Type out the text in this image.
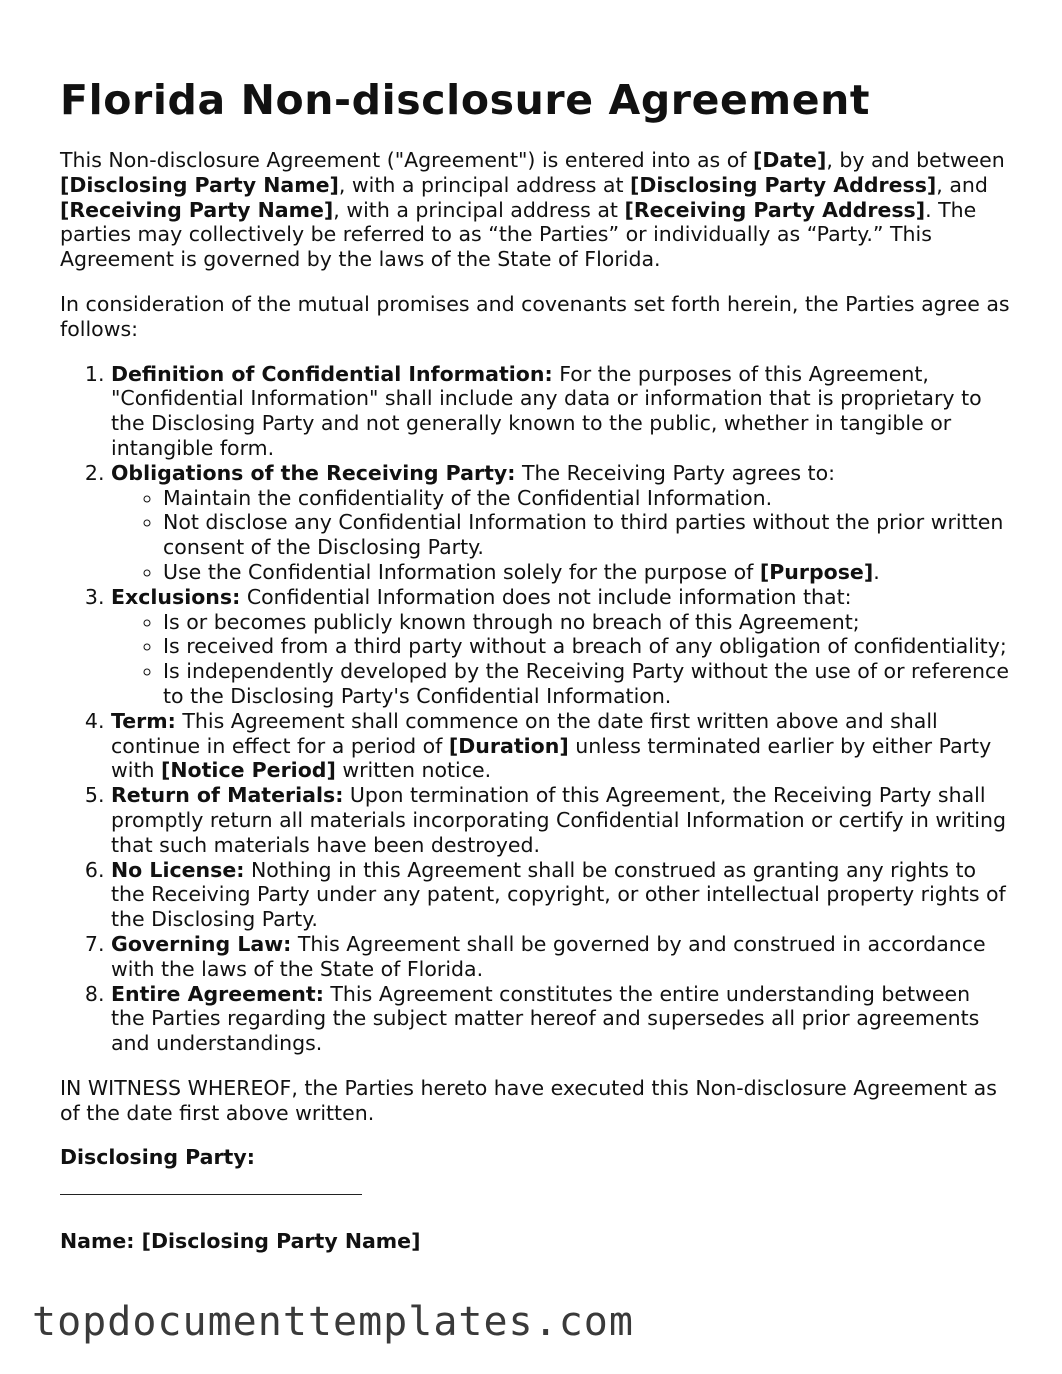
Florida Non-disclosure Agreement

This Non-disclosure Agreement ("Agreement") is entered into as of [Date], by and between [Disclosing Party Name], with a principal address at [Disclosing Party Address], and [Receiving Party Name], with a principal address at [Receiving Party Address]. The parties may collectively be referred to as “the Parties” or individually as “Party.” This Agreement is governed by the laws of the State of Florida.

In consideration of the mutual promises and covenants set forth herein, the Parties agree as follows:

1. Definition of Confidential Information: For the purposes of this Agreement, "Confidential Information" shall include any data or information that is proprietary to the Disclosing Party and not generally known to the public, whether in tangible or intangible form.
2. Obligations of the Receiving Party: The Receiving Party agrees to:
◦ Maintain the confidentiality of the Confidential Information.
◦ Not disclose any Confidential Information to third parties without the prior written consent of the Disclosing Party.
◦ Use the Confidential Information solely for the purpose of [Purpose].
3. Exclusions: Confidential Information does not include information that:
◦ Is or becomes publicly known through no breach of this Agreement;
◦ Is received from a third party without a breach of any obligation of confidentiality;
◦ Is independently developed by the Receiving Party without the use of or reference to the Disclosing Party's Confidential Information.
4. Term: This Agreement shall commence on the date first written above and shall continue in effect for a period of [Duration] unless terminated earlier by either Party with [Notice Period] written notice.
5. Return of Materials: Upon termination of this Agreement, the Receiving Party shall promptly return all materials incorporating Confidential Information or certify in writing that such materials have been destroyed.
6. No License: Nothing in this Agreement shall be construed as granting any rights to the Receiving Party under any patent, copyright, or other intellectual property rights of the Disclosing Party.
7. Governing Law: This Agreement shall be governed by and construed in accordance with the laws of the State of Florida.
8. Entire Agreement: This Agreement constitutes the entire understanding between the Parties regarding the subject matter hereof and supersedes all prior agreements and understandings.

IN WITNESS WHEREOF, the Parties hereto have executed this Non-disclosure Agreement as of the date first above written.

Disclosing Party:

Name: [Disclosing Party Name]

topdocumenttemplates.com
